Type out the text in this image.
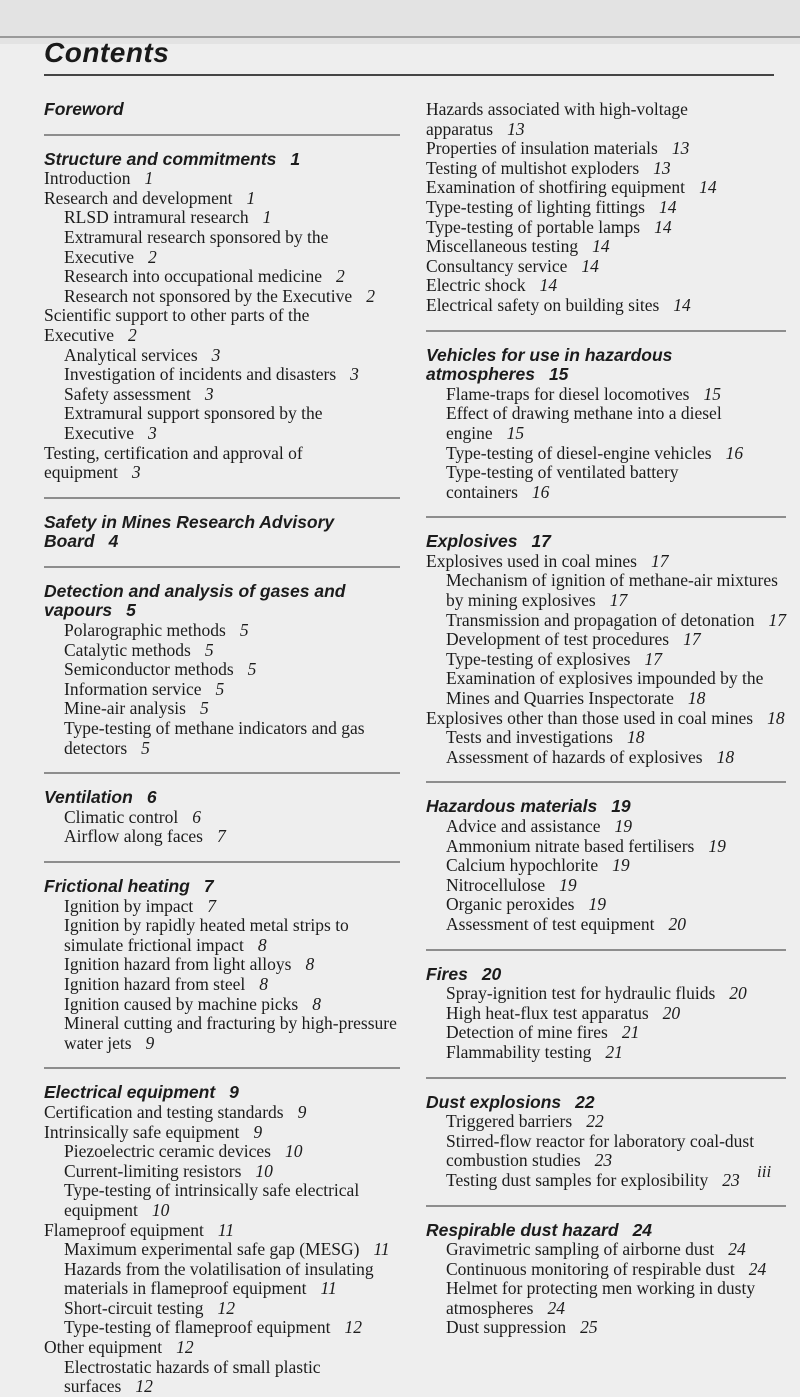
Contents
Foreword
Structure and commitments 1
Introduction 1
Research and development 1
RLSD intramural research 1
Extramural research sponsored by the Executive 2
Research into occupational medicine 2
Research not sponsored by the Executive 2
Scientific support to other parts of the Executive 2
Analytical services 3
Investigation of incidents and disasters 3
Safety assessment 3
Extramural support sponsored by the Executive 3
Testing, certification and approval of equipment 3
Safety in Mines Research Advisory Board 4
Detection and analysis of gases and vapours 5
Polarographic methods 5
Catalytic methods 5
Semiconductor methods 5
Information service 5
Mine-air analysis 5
Type-testing of methane indicators and gas detectors 5
Ventilation 6
Climatic control 6
Airflow along faces 7
Frictional heating 7
Ignition by impact 7
Ignition by rapidly heated metal strips to simulate frictional impact 8
Ignition hazard from light alloys 8
Ignition hazard from steel 8
Ignition caused by machine picks 8
Mineral cutting and fracturing by high-pressure water jets 9
Electrical equipment 9
Certification and testing standards 9
Intrinsically safe equipment 9
Piezoelectric ceramic devices 10
Current-limiting resistors 10
Type-testing of intrinsically safe electrical equipment 10
Flameproof equipment 11
Maximum experimental safe gap (MESG) 11
Hazards from the volatilisation of insulating materials in flameproof equipment 11
Short-circuit testing 12
Type-testing of flameproof equipment 12
Other equipment 12
Electrostatic hazards of small plastic surfaces 12
Hazards associated with high-voltage apparatus 13
Properties of insulation materials 13
Testing of multishot exploders 13
Examination of shotfiring equipment 14
Type-testing of lighting fittings 14
Type-testing of portable lamps 14
Miscellaneous testing 14
Consultancy service 14
Electric shock 14
Electrical safety on building sites 14
Vehicles for use in hazardous atmospheres 15
Flame-traps for diesel locomotives 15
Effect of drawing methane into a diesel engine 15
Type-testing of diesel-engine vehicles 16
Type-testing of ventilated battery containers 16
Explosives 17
Explosives used in coal mines 17
Mechanism of ignition of methane-air mixtures by mining explosives 17
Transmission and propagation of detonation 17
Development of test procedures 17
Type-testing of explosives 17
Examination of explosives impounded by the Mines and Quarries Inspectorate 18
Explosives other than those used in coal mines 18
Tests and investigations 18
Assessment of hazards of explosives 18
Hazardous materials 19
Advice and assistance 19
Ammonium nitrate based fertilisers 19
Calcium hypochlorite 19
Nitrocellulose 19
Organic peroxides 19
Assessment of test equipment 20
Fires 20
Spray-ignition test for hydraulic fluids 20
High heat-flux test apparatus 20
Detection of mine fires 21
Flammability testing 21
Dust explosions 22
Triggered barriers 22
Stirred-flow reactor for laboratory coal-dust combustion studies 23
Testing dust samples for explosibility 23
Respirable dust hazard 24
Gravimetric sampling of airborne dust 24
Continuous monitoring of respirable dust 24
Helmet for protecting men working in dusty atmospheres 24
Dust suppression 25
iii
